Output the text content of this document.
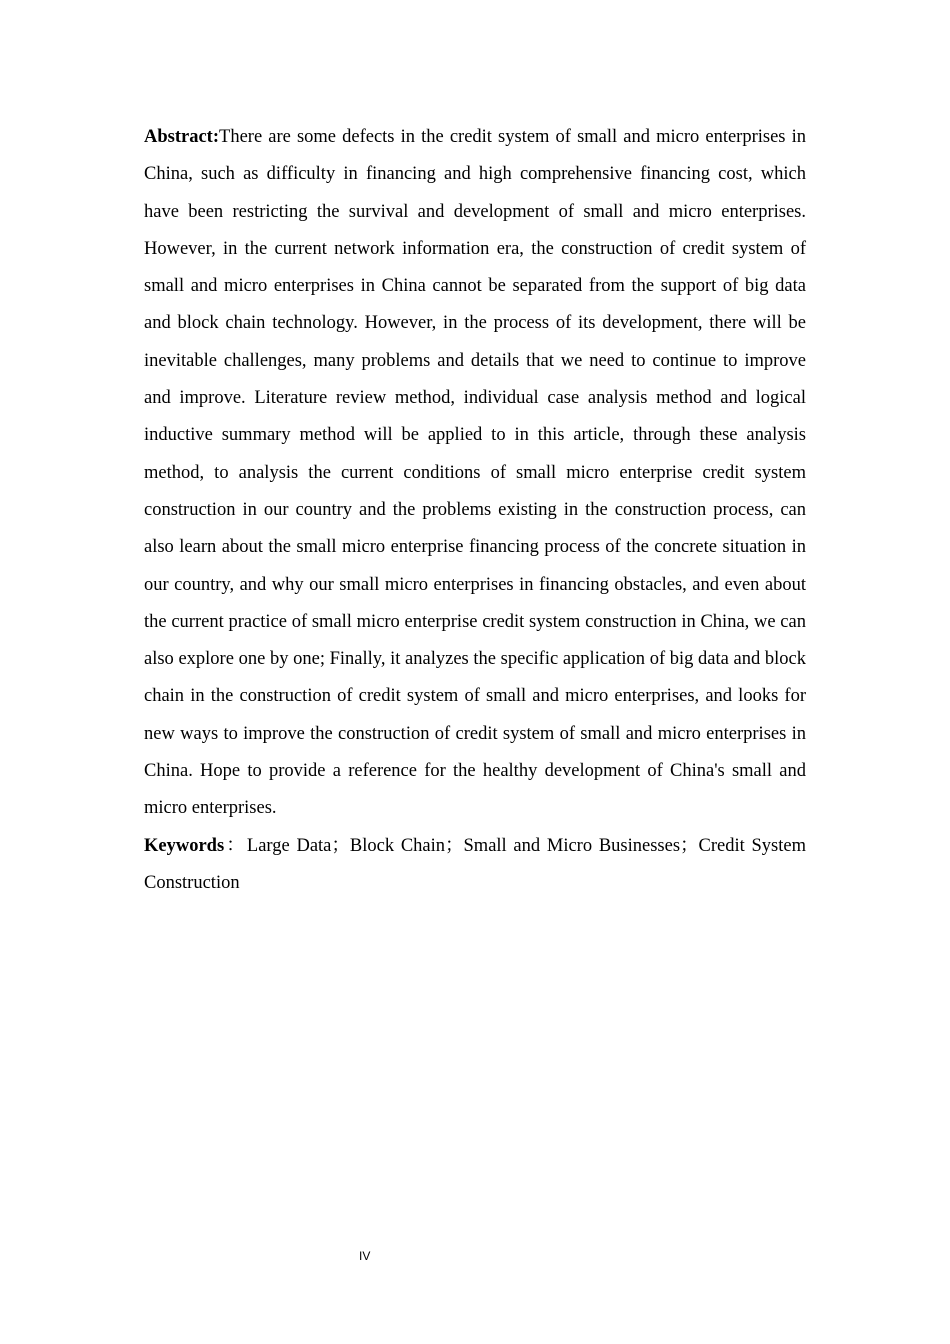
Abstract:There are some defects in the credit system of small and micro enterprises in China, such as difficulty in financing and high comprehensive financing cost, which have been restricting the survival and development of small and micro enterprises. However, in the current network information era, the construction of credit system of small and micro enterprises in China cannot be separated from the support of big data and block chain technology. However, in the process of its development, there will be inevitable challenges, many problems and details that we need to continue to improve and improve. Literature review method, individual case analysis method and logical inductive summary method will be applied to in this article, through these analysis method, to analysis the current conditions of small micro enterprise credit system construction in our country and the problems existing in the construction process, can also learn about the small micro enterprise financing process of the concrete situation in our country, and why our small micro enterprises in financing obstacles, and even about the current practice of small micro enterprise credit system construction in China, we can also explore one by one; Finally, it analyzes the specific application of big data and block chain in the construction of credit system of small and micro enterprises, and looks for new ways to improve the construction of credit system of small and micro enterprises in China. Hope to provide a reference for the healthy development of China's small and micro enterprises.

Keywords：Large Data；Block Chain；Small and Micro Businesses；Credit System Construction

IV
